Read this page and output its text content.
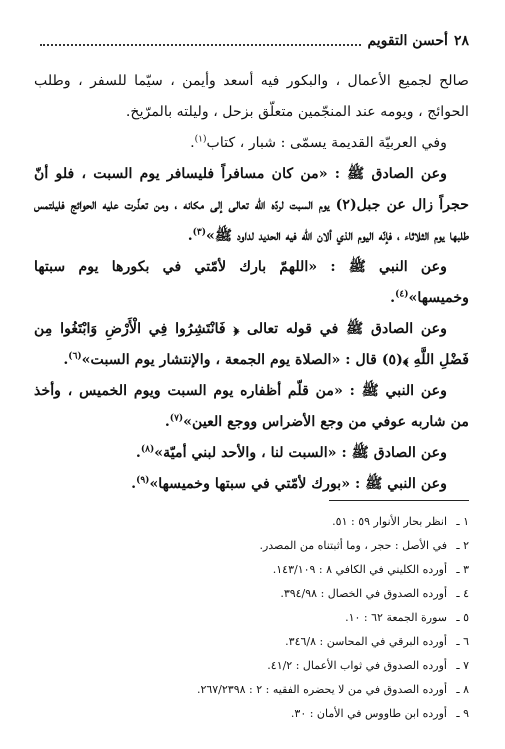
٢٨
أحسن التقويم

صالح لجميع الأعمال ، والبكور فيه أسعد وأيمن ، سيّما للسفر ، وطلب الحوائج ، ويومه عند المنجّمين متعلّق بزحل ، وليلته بالمرّيخ.

وفي العربيّة القديمة يسمّى : شبار ، كتاب$^{(١)}$.

وعن الصادق ﷺ : «من كان مسافراً فليسافر يوم السبت ، فلو أنّ حجراً زال عن جبل(٢) يوم السبت لردّه الله تعالى إلى مكانه ، ومن تعذّرت عليه الحوائج فليلتمس طلبها يوم الثلاثاء ، فإنّه اليوم الذي ألان الله فيه الحديد لداود ﷺ»$^{(٣)}$.

وعن النبي ﷺ : «اللهمّ بارك لأمّتي في بكورها يوم سبتها وخميسها»$^{(٤)}$.

وعن الصادق ﷺ في قوله تعالى ﴿ فَانْتَشِرُوا فِي الْأَرْضِ وَابْتَغُوا مِن فَضْلِ اللَّهِ ﴾(٥) قال : «الصلاة يوم الجمعة ، والإنتشار يوم السبت»$^{(٦)}$.

وعن النبي ﷺ : «من قلّم أظفاره يوم السبت ويوم الخميس ، وأخذ من شاربه عوفي من وجع الأضراس ووجع العين»$^{(٧)}$.

وعن الصادق ﷺ : «السبت لنا ، والأحد لبني أميّة»$^{(٨)}$.

وعن النبي ﷺ : «بورك لأمّتي في سبتها وخميسها»$^{(٩)}$.

١ ـ
انظر بحار الأنوار ٥٩ : ٥١.
٢ ـ
في الأصل : حجر ، وما أثبتناه من المصدر.
٣ ـ
أورده الكليني في الكافي ٨ : ١٤٣/١٠٩.
٤ ـ
أورده الصدوق في الخصال : ٣٩٤/٩٨.
٥ ـ
سورة الجمعة ٦٢ : ١٠.
٦ ـ
أورده البرقي في المحاسن : ٣٤٦/٨.
٧ ـ
أورده الصدوق في ثواب الأعمال : ٤١/٢.
٨ ـ
أورده الصدوق في من لا يحضره الفقيه : ٢ : ٢٦٧/٢٣٩٨.
٩ ـ
أورده ابن طاووس في الأمان : ٣٠.
